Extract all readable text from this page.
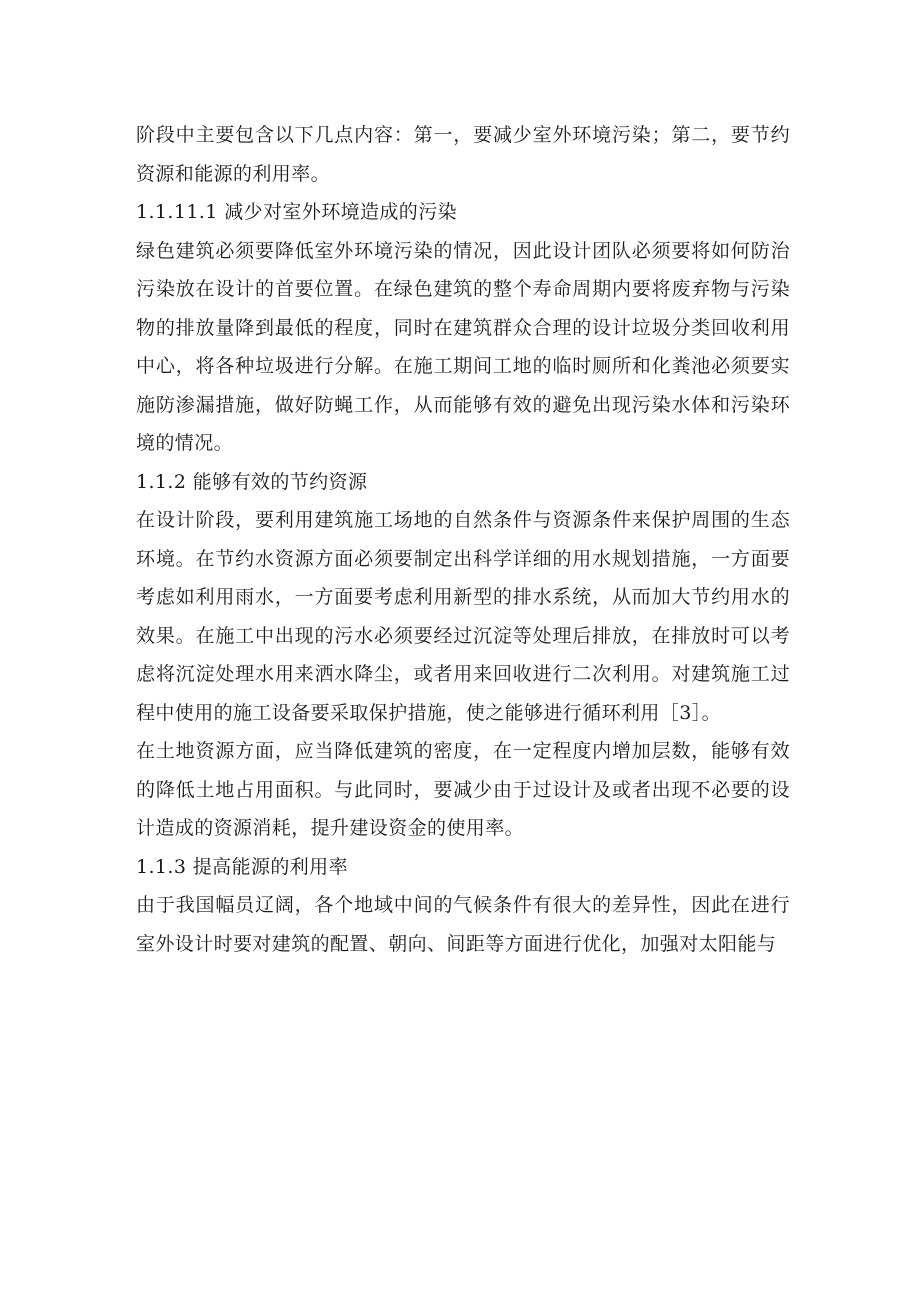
阶段中主要包含以下几点内容：第一，要减少室外环境污染；第二，要节约资源和能源的利用率。

1.1.11.1 减少对室外环境造成的污染

绿色建筑必须要降低室外环境污染的情况，因此设计团队必须要将如何防治污染放在设计的首要位置。在绿色建筑的整个寿命周期内要将废弃物与污染物的排放量降到最低的程度，同时在建筑群众合理的设计垃圾分类回收利用中心，将各种垃圾进行分解。在施工期间工地的临时厕所和化粪池必须要实施防渗漏措施，做好防蝇工作，从而能够有效的避免出现污染水体和污染环境的情况。

1.1.2 能够有效的节约资源

在设计阶段，要利用建筑施工场地的自然条件与资源条件来保护周围的生态环境。在节约水资源方面必须要制定出科学详细的用水规划措施，一方面要考虑如利用雨水，一方面要考虑利用新型的排水系统，从而加大节约用水的效果。在施工中出现的污水必须要经过沉淀等处理后排放，在排放时可以考虑将沉淀处理水用来洒水降尘，或者用来回收进行二次利用。对建筑施工过程中使用的施工设备要采取保护措施，使之能够进行循环利用［3］。

在土地资源方面，应当降低建筑的密度，在一定程度内增加层数，能够有效的降低土地占用面积。与此同时，要减少由于过设计及或者出现不必要的设计造成的资源消耗，提升建设资金的使用率。

1.1.3 提高能源的利用率

由于我国幅员辽阔，各个地域中间的气候条件有很大的差异性，因此在进行室外设计时要对建筑的配置、朝向、间距等方面进行优化，加强对太阳能与
